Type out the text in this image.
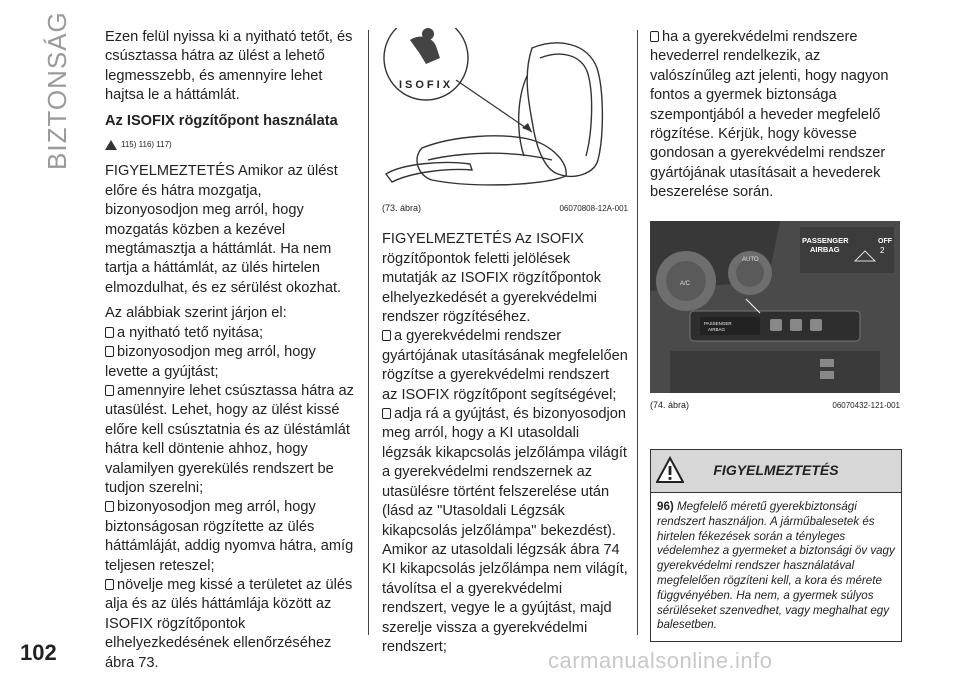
BIZTONSÁG Ezen felül nyissa ki a nyitható tetőt, és csúsztassa hátra az ülést a lehető legmesszebb, és amennyire lehet hajtsa le a háttámlát.

Az ISOFIX rögzítőpont használata
115) 116) 117)

FIGYELMEZTETÉS Amikor az ülést előre és hátra mozgatja, bizonyosodjon meg arról, hogy mozgatás közben a kezével megtámasztja a háttámlát. Ha nem tartja a háttámlát, az ülés hirtelen elmozdulhat, és ez sérülést okozhat.

Az alábbiak szerint járjon el:

a nyitható tető nyitása;
bizonyosodjon meg arról, hogy levette a gyújtást;
amennyire lehet csúsztassa hátra az utasülést. Lehet, hogy az ülést kissé előre kell csúsztatnia és az üléstámlát hátra kell döntenie ahhoz, hogy valamilyen gyerekülés rendszert be tudjon szerelni;
bizonyosodjon meg arról, hogy biztonságosan rögzítette az ülés háttámláját, addig nyomva hátra, amíg teljesen reteszel;
növelje meg kissé a területet az ülés alja és az ülés háttámlája között az ISOFIX rögzítőpontok elhelyezkedésének ellenőrzéséhez ábra 73.
ISOFIX
(73. ábra)	06070808-12A-001

FIGYELMEZTETÉS Az ISOFIX rögzítőpontok feletti jelölések mutatják az ISOFIX rögzítőpontok elhelyezkedését a gyerekvédelmi rendszer rögzítéséhez.

a gyerekvédelmi rendszer gyártójának utasításának megfelelően rögzítse a gyerekvédelmi rendszert az ISOFIX rögzítőpont segítségével;
adja rá a gyújtást, és bizonyosodjon meg arról, hogy a KI utasoldali légzsák kikapcsolás jelzőlámpa világít a gyerekvédelmi rendszernek az utasülésre történt felszerelése után (lásd az "Utasoldali Légzsák kikapcsolás jelzőlámpa" bekezdést). Amikor az utasoldali légzsák ábra 74 KI kikapcsolás jelzőlámpa nem világít, távolítsa el a gyerekvédelmi rendszert, vegye le a gyújtást, majd szerelje vissza a gyerekvédelmi rendszert;
ha a gyerekvédelmi rendszere hevederrel rendelkezik, az valószínűleg azt jelenti, hogy nagyon fontos a gyermek biztonsága szempontjából a heveder megfelelő rögzítése. Kérjük, hogy kövesse gondosan a gyerekvédelmi rendszer gyártójának utasításait a hevederek beszerelése során.
A/C
AUTO
PASSENGER
AIRBAG
OFF
2
PASSENGER
AIRBAG
(74. ábra)	06070432-121-001
FIGYELMEZTETÉS
96) Megfelelő méretű gyerekbiztonsági rendszert használjon. A járműbalesetek és hirtelen fékezések során a tényleges védelemhez a gyermeket a biztonsági öv vagy gyerekvédelmi rendszer használatával megfelelően rögzíteni kell, a kora és mérete függvényében. Ha nem, a gyermek súlyos sérüléseket szenvedhet, vagy meghalhat egy balesetben.
102	carmanualsonline.info
